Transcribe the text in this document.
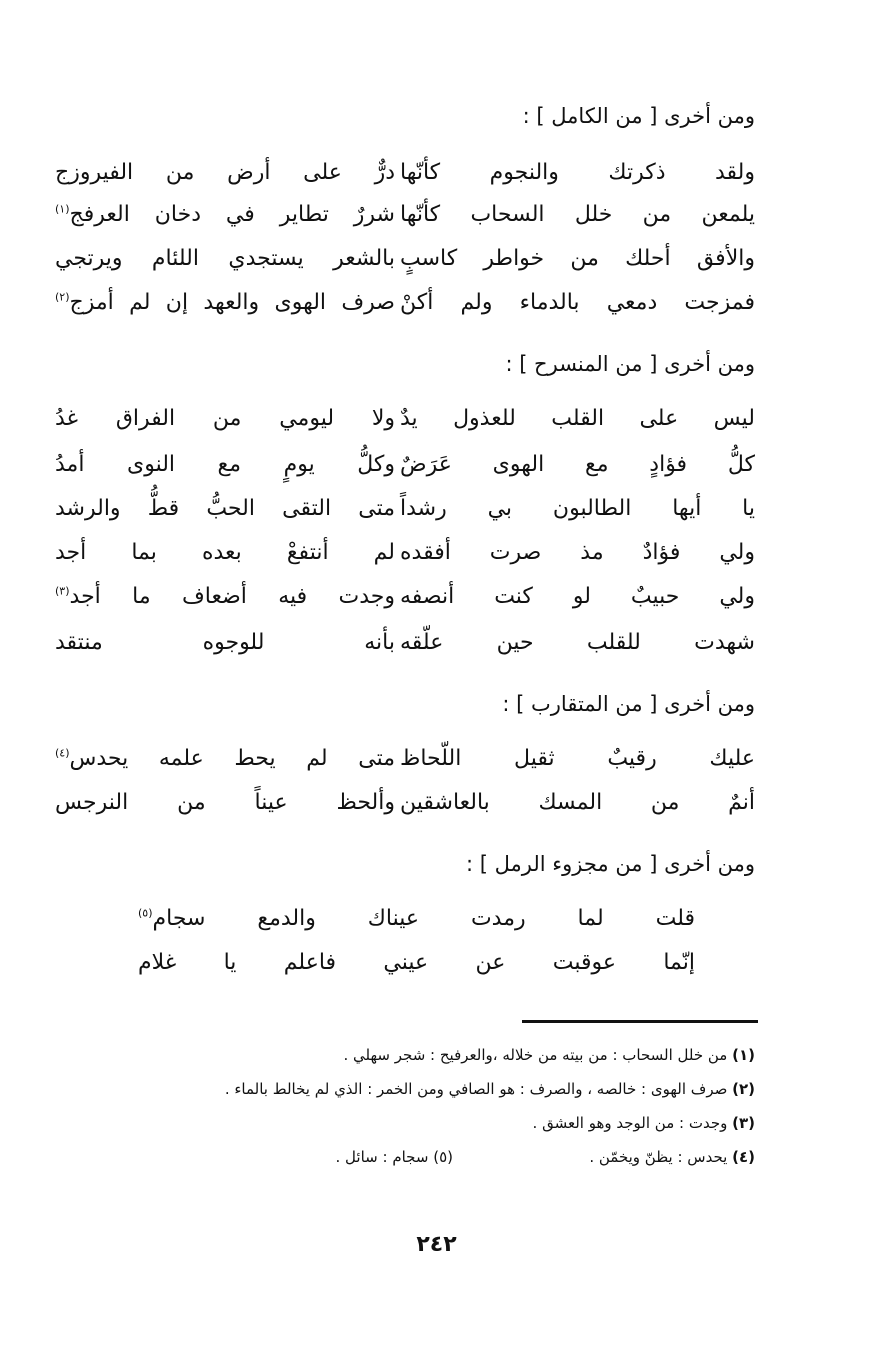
ومن أخرى [ من الكامل ] :
ولقد ذكرتك والنجوم كأنّها
درٌّ على أرض من الفيروزج
يلمعن من خلل السحاب كأنّها
شررٌ تطاير في دخان العرفج$^{(١)}$
والأفق أحلك من خواطر كاسبٍ
بالشعر يستجدي اللئام ويرتجي
فمزجت دمعي بالدماء ولم أكنْ
صرف الهوى والعهد إن لم أمزج$^{(٢)}$
ومن أخرى [ من المنسرح ] :
ليس على القلب للعذول يدٌ
ولا ليومي من الفراق غدُ
كلُّ فؤادٍ مع الهوى عَرَضٌ
وكلُّ يومٍ مع النوى أمدُ
يا أيها الطالبون بي رشداً
متى التقى الحبُّ قطُّ والرشد
ولي فؤادٌ مذ صرت أفقده
لم أنتفعْ بعده بما أجد
ولي حبيبٌ لو كنت أنصفه
وجدت فيه أضعاف ما أجد$^{(٣)}$
شهدت للقلب حين علّقه
بأنه للوجوه منتقد
ومن أخرى [ من المتقارب ] :
عليك رقيبٌ ثقيل اللّحاظ
متى لم يحط علمه يحدس$^{(٤)}$
أنمٌ من المسك بالعاشقين
وألحظ عيناً من النرجس
ومن أخرى [ من مجزوء الرمل ] :
قلت لما رمدت عيناك والدمع سجام$^{(٥)}$
إنّما عوقبت عن عيني فاعلم يا غلام
(١) من خلل السحاب : من بيته من خلاله ،والعرفيح : شجر سهلي .
(٢) صرف الهوى : خالصه ، والصرف : هو الصافي ومن الخمر : الذي لم يخالط بالماء .
(٣) وجدت : من الوجد وهو العشق .
(٤) يحدس : يظنّ ويخمّن .
(٥) سجام : سائل .
٢٤٢
